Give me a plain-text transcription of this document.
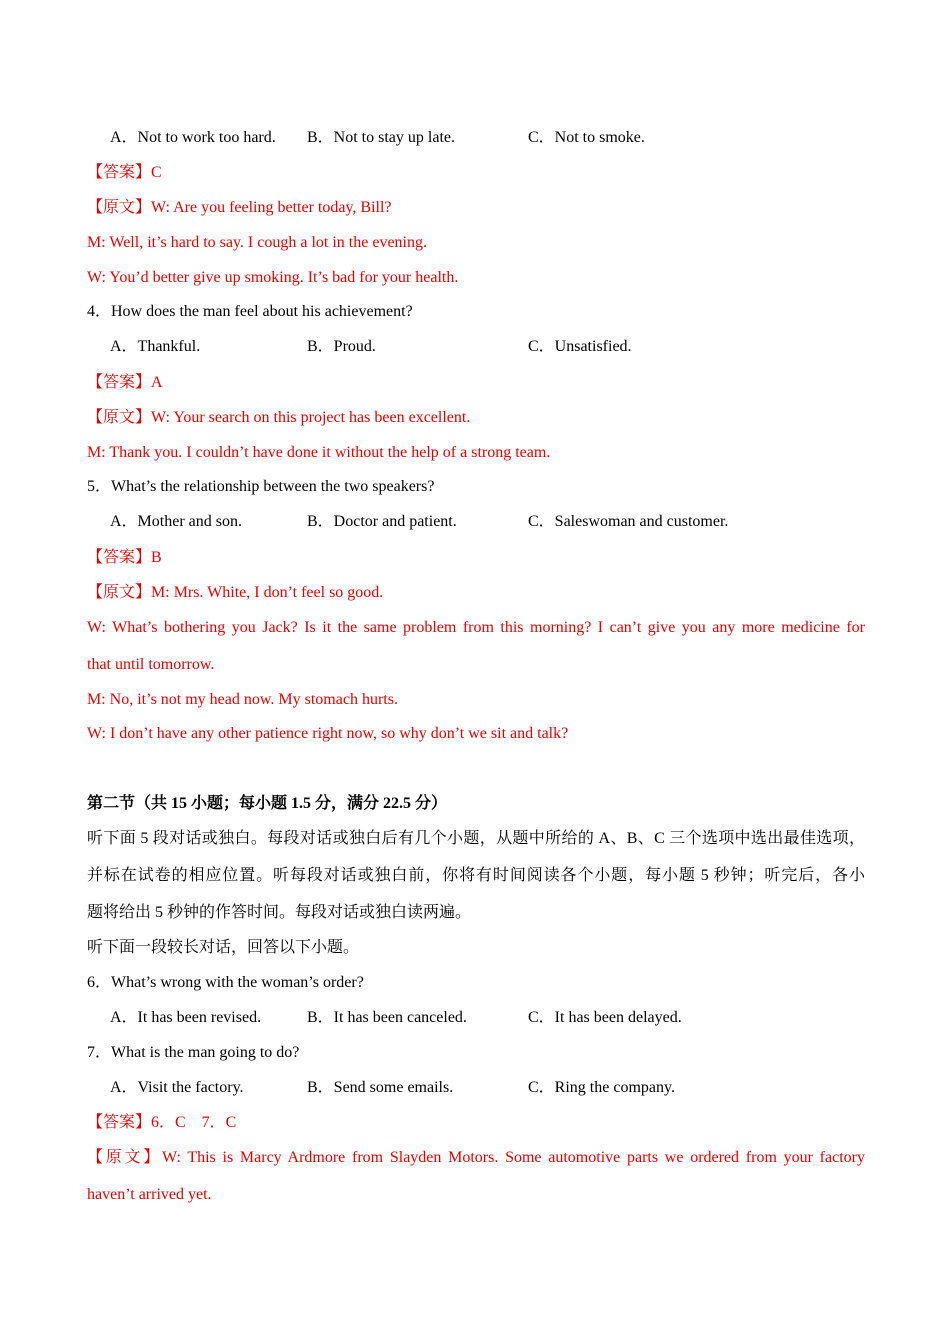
A．Not to work too hard. B．Not to stay up late.	C．Not to smoke.
【答案】C
【原文】W: Are you feeling better today, Bill?
M: Well, it’s hard to say. I cough a lot in the evening.
W: You’d better give up smoking. It’s bad for your health.
4．How does the man feel about his achievement?
A．Thankful.	B．Proud.	C．Unsatisfied.
【答案】A
【原文】W: Your search on this project has been excellent.
M: Thank you. I couldn’t have done it without the help of a strong team.
5．What’s the relationship between the two speakers?
A．Mother and son.	B．Doctor and patient.	C．Saleswoman and customer.
【答案】B
【原文】M: Mrs. White, I don’t feel so good.
W: What’s bothering you Jack? Is it the same problem from this morning? I can’t give you any more medicine for
that until tomorrow.
M: No, it’s not my head now. My stomach hurts.
W: I don’t have any other patience right now, so why don’t we sit and talk?
第二节（共 15 小题；每小题 1.5 分，满分 22.5 分）
听下面 5 段对话或独白。每段对话或独白后有几个小题，从题中所给的 A、B、C 三个选项中选出最佳选项，
并标在试卷的相应位置。听每段对话或独白前，你将有时间阅读各个小题，每小题 5 秒钟；听完后，各小
题将给出 5 秒钟的作答时间。每段对话或独白读两遍。
听下面一段较长对话，回答以下小题。
6．What’s wrong with the woman’s order?
A．It has been revised.	B．It has been canceled.	C．It has been delayed.
7．What is the man going to do?
A．Visit the factory.	B．Send some emails.	C．Ring the company.
【答案】6．C　7．C
【原文】W: This is Marcy Ardmore from Slayden Motors. Some automotive parts we ordered from your factory
haven’t arrived yet.
